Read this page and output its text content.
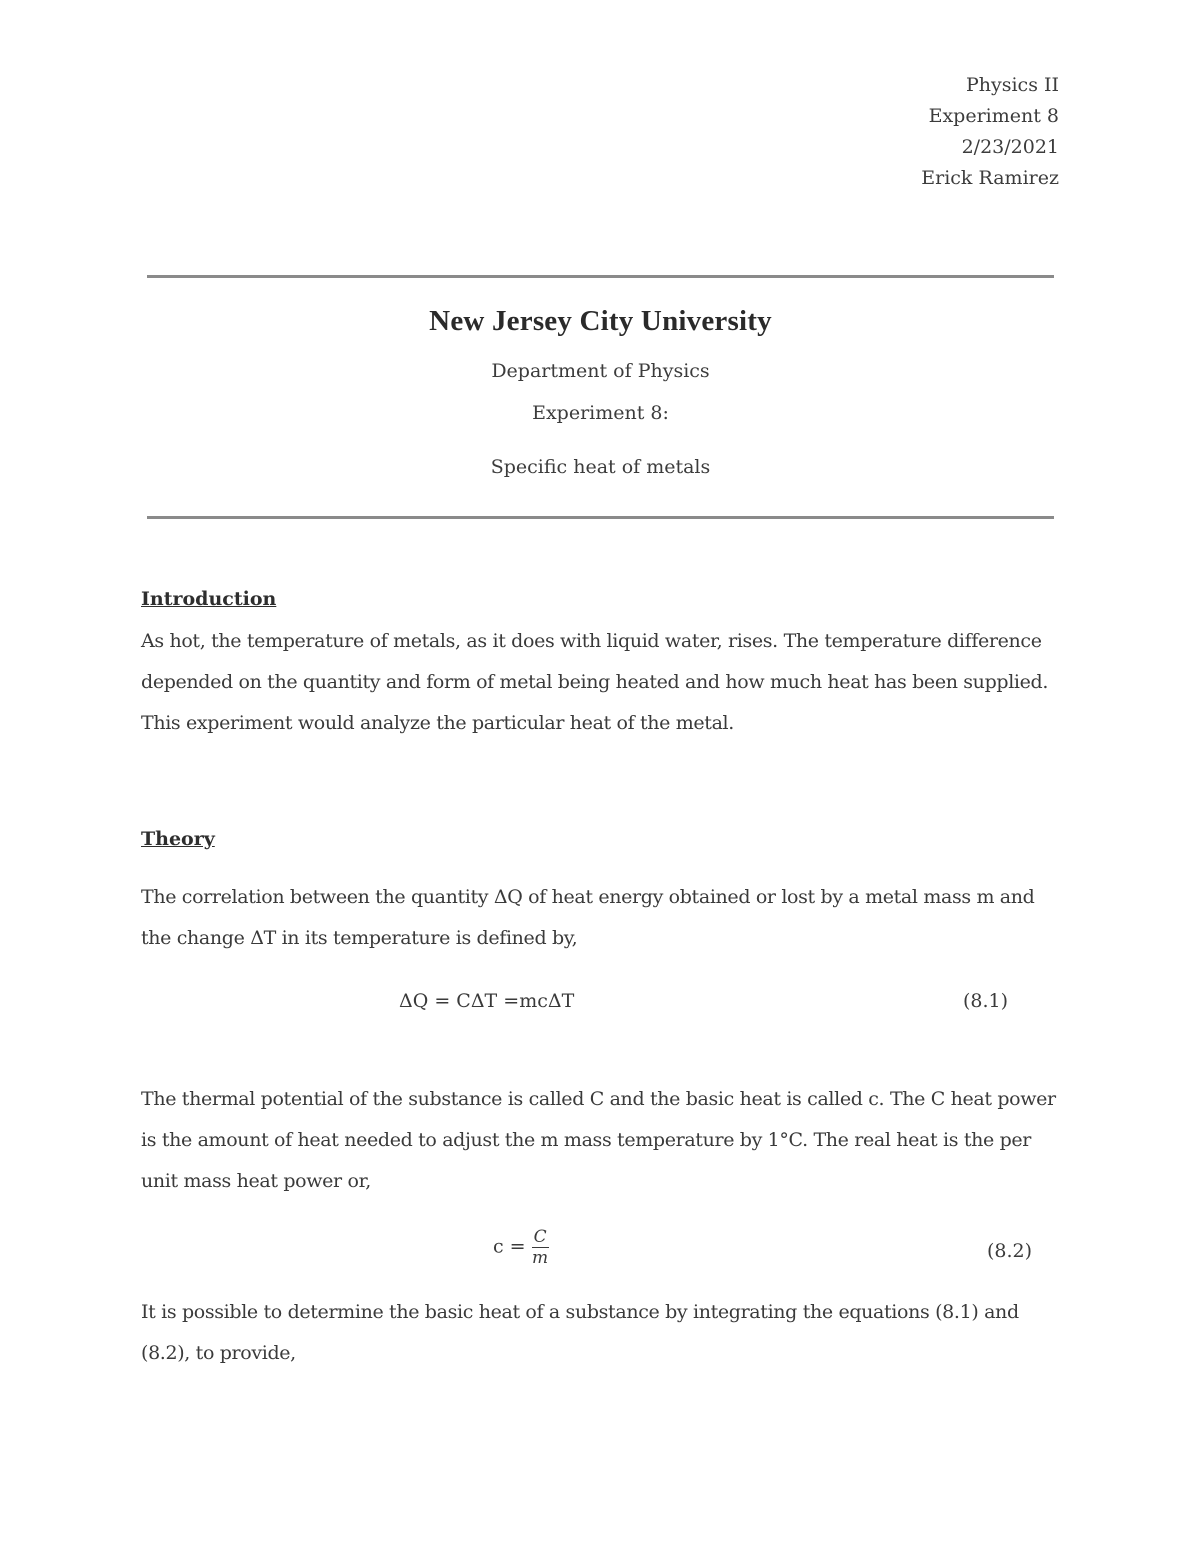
Physics II
Experiment 8
2/23/2021
Erick Ramirez
New Jersey City University
Department of Physics
Experiment 8:
Specific heat of metals
Introduction
As hot, the temperature of metals, as it does with liquid water, rises. The temperature difference depended on the quantity and form of metal being heated and how much heat has been supplied. This experiment would analyze the particular heat of the metal.
Theory
The correlation between the quantity ΔQ of heat energy obtained or lost by a metal mass m and the change ΔT in its temperature is defined by,
ΔQ = CΔT =mcΔT	(8.1)
The thermal potential of the substance is called C and the basic heat is called c. The C heat power is the amount of heat needed to adjust the m mass temperature by 1°C. The real heat is the per unit mass heat power or,
$c = \frac{C}{m}$	(8.2)
It is possible to determine the basic heat of a substance by integrating the equations (8.1) and (8.2), to provide,
